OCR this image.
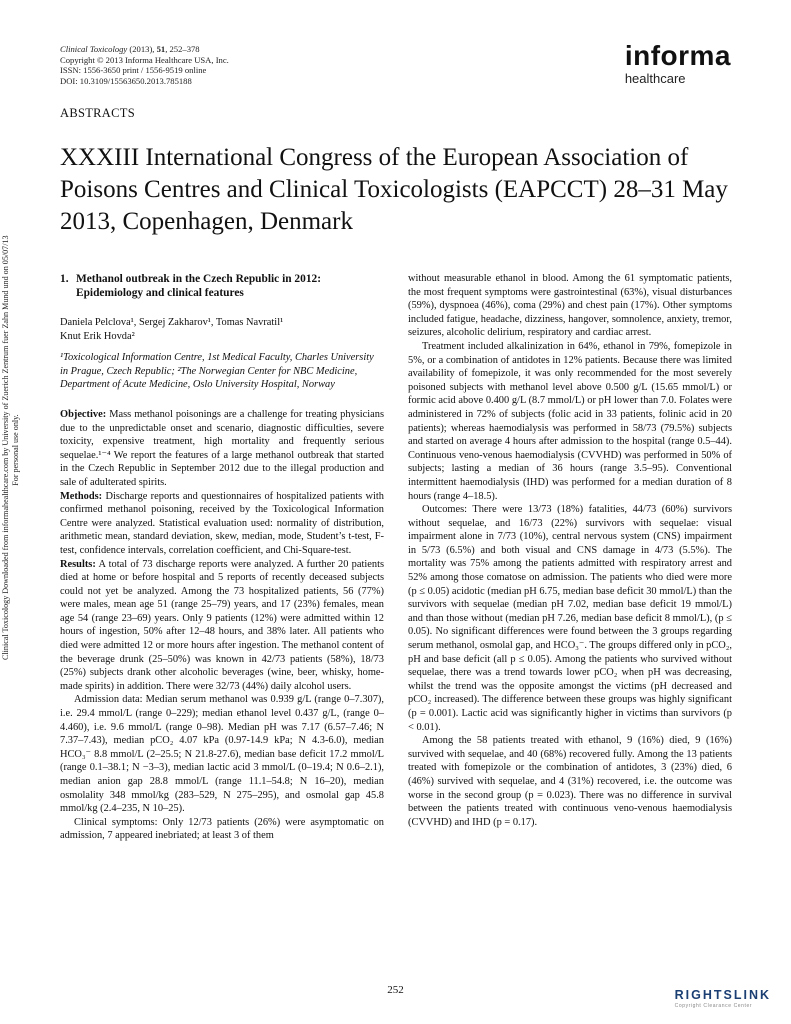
Clinical Toxicology (2013), 51, 252–378
Copyright © 2013 Informa Healthcare USA, Inc.
ISSN: 1556-3650 print / 1556-9519 online
DOI: 10.3109/15563650.2013.785188
informa
healthcare
ABSTRACTS
XXXIII International Congress of the European Association of Poisons Centres and Clinical Toxicologists (EAPCCT) 28–31 May 2013, Copenhagen, Denmark
Clinical Toxicology Downloaded from informahealthcare.com by University of Zuerich Zentrum fuer Zahn Mund und on 05/07/13 For personal use only.
1. Methanol outbreak in the Czech Republic in 2012: Epidemiology and clinical features
Daniela Pelclova¹, Sergej Zakharov¹, Tomas Navratil¹
Knut Erik Hovda²

¹Toxicological Information Centre, 1st Medical Faculty, Charles University in Prague, Czech Republic; ²The Norwegian Center for NBC Medicine, Department of Acute Medicine, Oslo University Hospital, Norway

Objective: Mass methanol poisonings are a challenge for treating physicians due to the unpredictable onset and scenario, diagnostic difficulties, severe toxicity, expensive treatment, high mortality and frequently serious sequelae.¹⁻⁴ We report the features of a large methanol outbreak that started in the Czech Republic in September 2012 due to the illegal production and sale of adulterated spirits.

Methods: Discharge reports and questionnaires of hospitalized patients with confirmed methanol poisoning, received by the Toxicological Information Centre were analyzed. Statistical evaluation used: normality of distribution, arithmetic mean, standard deviation, skew, median, mode, Student’s t-test, F-test, confidence intervals, correlation coefficient, and Chi-Square-test.

Results: A total of 73 discharge reports were analyzed. A further 20 patients died at home or before hospital and 5 reports of recently deceased subjects could not yet be analyzed. Among the 73 hospitalized patients, 56 (77%) were males, mean age 51 (range 25–79) years, and 17 (23%) females, mean age 54 (range 23–69) years. Only 9 patients (12%) were admitted within 12 hours of ingestion, 50% after 12–48 hours, and 38% later. All patients who died were admitted 12 or more hours after ingestion. The methanol content of the beverage drunk (25–50%) was known in 42/73 patients (58%), 18/73 (25%) subjects drank other alcoholic beverages (wine, beer, whisky, home-made spirits) in addition. There were 32/73 (44%) daily alcohol users.

Admission data: Median serum methanol was 0.939 g/L (range 0–7.307), i.e. 29.4 mmol/L (range 0–229); median ethanol level 0.437 g/L, (range 0–4.460), i.e. 9.6 mmol/L (range 0–98). Median pH was 7.17 (6.57–7.46; N 7.37–7.43), median pCO₂ 4.07 kPa (0.97-14.9 kPa; N 4.3-6.0), median HCO₃⁻ 8.8 mmol/L (2–25.5; N 21.8-27.6), median base deficit 17.2 mmol/L (range 0.1–38.1; N −3–3), median lactic acid 3 mmol/L (0–19.4; N 0.6–2.1), median anion gap 28.8 mmol/L (range 11.1–54.8; N 16–20), median osmolality 348 mmol/kg (283–529, N 275–295), and osmolal gap 45.8 mmol/kg (2.4–235, N 10–25).

Clinical symptoms: Only 12/73 patients (26%) were asymptomatic on admission, 7 appeared inebriated; at least 3 of them

without measurable ethanol in blood. Among the 61 symptomatic patients, the most frequent symptoms were gastrointestinal (63%), visual disturbances (59%), dyspnoea (46%), coma (29%) and chest pain (17%). Other symptoms included fatigue, headache, dizziness, hangover, somnolence, anxiety, tremor, seizures, alcoholic delirium, respiratory and cardiac arrest.

Treatment included alkalinization in 64%, ethanol in 79%, fomepizole in 5%, or a combination of antidotes in 12% patients. Because there was limited availability of fomepizole, it was only recommended for the most severely poisoned subjects with methanol level above 0.500 g/L (15.65 mmol/L) or formic acid above 0.400 g/L (8.7 mmol/L) or pH lower than 7.0. Folates were administered in 72% of subjects (folic acid in 33 patients, folinic acid in 20 patients); whereas haemodialysis was performed in 58/73 (79.5%) subjects and started on average 4 hours after admission to the hospital (range 0.5–44). Continuous veno-venous haemodialysis (CVVHD) was performed in 50% of subjects; lasting a median of 36 hours (range 3.5–95). Conventional intermittent haemodialysis (IHD) was performed for a median duration of 8 hours (range 4–18.5).

Outcomes: There were 13/73 (18%) fatalities, 44/73 (60%) survivors without sequelae, and 16/73 (22%) survivors with sequelae: visual impairment alone in 7/73 (10%), central nervous system (CNS) impairment in 5/73 (6.5%) and both visual and CNS damage in 4/73 (5.5%). The mortality was 75% among the patients admitted with respiratory arrest and 52% among those comatose on admission. The patients who died were more (p ≤ 0.05) acidotic (median pH 6.75, median base deficit 30 mmol/L) than the survivors with sequelae (median pH 7.02, median base deficit 19 mmol/L) and than those without (median pH 7.26, median base deficit 8 mmol/L), (p ≤ 0.05). No significant differences were found between the 3 groups regarding serum methanol, osmolal gap, and HCO₃⁻. The groups differed only in pCO₂, pH and base deficit (all p ≤ 0.05). Among the patients who survived without sequelae, there was a trend towards lower pCO₂ when pH was decreasing, whilst the trend was the opposite amongst the victims (pH decreased and pCO₂ increased). The difference between these groups was highly significant (p = 0.001). Lactic acid was significantly higher in victims than survivors (p < 0.01).

Among the 58 patients treated with ethanol, 9 (16%) died, 9 (16%) survived with sequelae, and 40 (68%) recovered fully. Among the 13 patients treated with fomepizole or the combination of antidotes, 3 (23%) died, 6 (46%) survived with sequelae, and 4 (31%) recovered, i.e. the outcome was worse in the second group (p = 0.023). There was no difference in survival between the patients treated with continuous veno-venous haemodialysis (CVVHD) and IHD (p = 0.17).

252	RIGHTSLINK
Copyright Clearance Center
